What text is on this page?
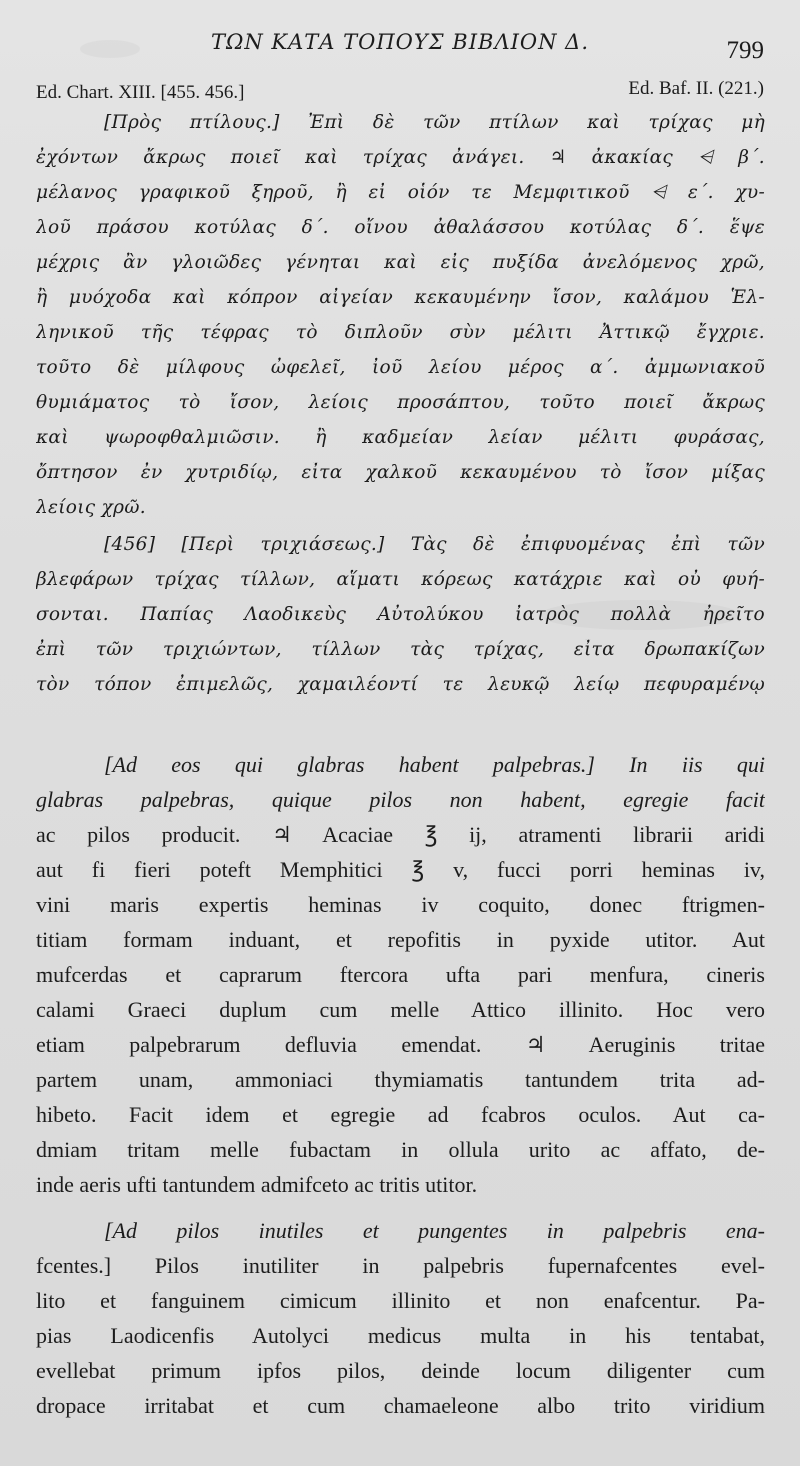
ΤΩΝ ΚΑΤΑ ΤΟΠΟΥΣ ΒΙΒΛΙΟΝ Δ.	799
Ed. Chart. XIII. [455. 456.]	Ed. Baf. II. (221.)
[Πρὸς πτίλους.] Ἐπὶ δὲ τῶν πτίλων καὶ τρίχας μὴ
ἐχόντων ἄκρως ποιεῖ καὶ τρίχας ἀνάγει. ♃ ἀκακίας ⩤ β΄.
μέλανος γραφικοῦ ξηροῦ, ἢ εἰ οἷόν τε Μεμφιτικοῦ ⩤ ε΄. χυ-
λοῦ πράσου κοτύλας δ΄. οἴνου ἀθαλάσσου κοτύλας δ΄. ἕψε
μέχρις ἂν γλοιῶδες γένηται καὶ εἰς πυξίδα ἀνελόμενος χρῶ,
ἢ μυόχοδα καὶ κόπρον αἰγείαν κεκαυμένην ἴσον, καλάμου Ἑλ-
ληνικοῦ τῆς τέφρας τὸ διπλοῦν σὺν μέλιτι Ἀττικῷ ἔγχριε.
τοῦτο δὲ μίλφους ὠφελεῖ, ἰοῦ λείου μέρος α΄. ἀμμωνιακοῦ
θυμιάματος τὸ ἴσον, λείοις προσάπτου, τοῦτο ποιεῖ ἄκρως
καὶ ψωροφθαλμιῶσιν. ἢ καδμείαν λείαν μέλιτι φυράσας,
ὄπτησον ἐν χυτριδίῳ, εἶτα χαλκοῦ κεκαυμένου τὸ ἴσον μίξας
λείοις χρῶ.
[456] [Περὶ τριχιάσεως.] Τὰς δὲ ἐπιφυομένας ἐπὶ τῶν
βλεφάρων τρίχας τίλλων, αἵματι κόρεως κατάχριε καὶ οὐ φυή-
σονται. Παπίας Λαοδικεὺς Αὐτολύκου ἰατρὸς πολλὰ ἠρεῖτο
ἐπὶ τῶν τριχιώντων, τίλλων τὰς τρίχας, εἶτα δρωπακίζων
τὸν τόπον ἐπιμελῶς, χαμαιλέοντί τε λευκῷ λείῳ πεφυραμένῳ
[Ad eos qui glabras habent palpebras.] In iis qui
glabras palpebras, quique pilos non habent, egregie facit
ac pilos producit. ♃ Acaciae ℥ ij, atramenti librarii aridi
aut fi fieri poteft Memphitici ℥ v, fucci porri heminas iv,
vini maris expertis heminas iv coquito, donec ftrigmen-
titiam formam induant, et repofitis in pyxide utitor. Aut
mufcerdas et caprarum ftercora ufta pari menfura, cineris
calami Graeci duplum cum melle Attico illinito. Hoc vero
etiam palpebrarum defluvia emendat. ♃ Aeruginis tritae
partem unam, ammoniaci thymiamatis tantundem trita ad-
hibeto. Facit idem et egregie ad fcabros oculos. Aut ca-
dmiam tritam melle fubactam in ollula urito ac affato, de-
inde aeris ufti tantundem admifceto ac tritis utitor.
[Ad pilos inutiles et pungentes in palpebris ena-
fcentes.] Pilos inutiliter in palpebris fupernafcentes evel-
lito et fanguinem cimicum illinito et non enafcentur. Pa-
pias Laodicenfis Autolyci medicus multa in his tentabat,
evellebat primum ipfos pilos, deinde locum diligenter cum
dropace irritabat et cum chamaeleone albo trito viridium
